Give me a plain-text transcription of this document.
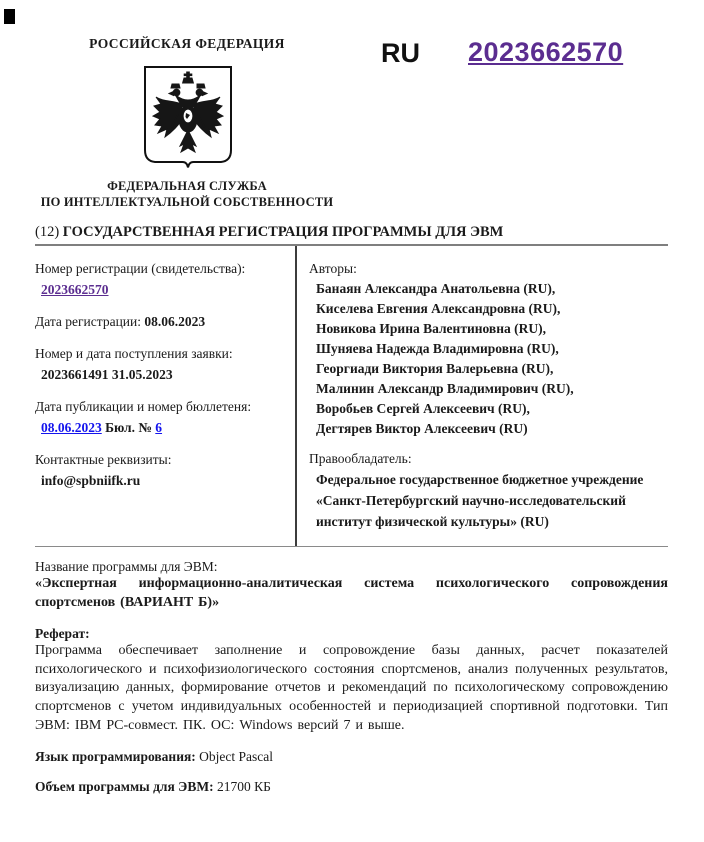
РОССИЙСКАЯ ФЕДЕРАЦИЯ	RU 2023662570
ФЕДЕРАЛЬНАЯ СЛУЖБА
ПО ИНТЕЛЛЕКТУАЛЬНОЙ СОБСТВЕННОСТИ
(12) ГОСУДАРСТВЕННАЯ РЕГИСТРАЦИЯ ПРОГРАММЫ ДЛЯ ЭВМ
Номер регистрации (свидетельства):
2023662570
Дата регистрации: 08.06.2023
Номер и дата поступления заявки:
2023661491 31.05.2023
Дата публикации и номер бюллетеня:
08.06.2023 Бюл. № 6
Контактные реквизиты:
info@spbniifk.ru
Авторы:
Банаян Александра Анатольевна (RU),
Киселева Евгения Александровна (RU),
Новикова Ирина Валентиновна (RU),
Шуняева Надежда Владимировна (RU),
Георгиади Виктория Валерьевна (RU),
Малинин Александр Владимирович (RU),
Воробьев Сергей Алексеевич (RU),
Дегтярев Виктор Алексеевич (RU)
Правообладатель:
Федеральное государственное бюджетное учреждение «Санкт-Петербургский научно-исследовательский институт физической культуры» (RU)
Название программы для ЭВМ:
«Экспертная информационно-аналитическая система психологического сопровождения спортсменов (ВАРИАНТ Б)»
Реферат:
Программа обеспечивает заполнение и сопровождение базы данных, расчет показателей психологического и психофизиологического состояния спортсменов, анализ полученных результатов, визуализацию данных, формирование отчетов и рекомендаций по психологическому сопровождению спортсменов с учетом индивидуальных особенностей и периодизацией спортивной подготовки. Тип ЭВМ: IBM PC-совмест. ПК. ОС: Windows версий 7 и выше.
Язык программирования: Object Pascal
Объем программы для ЭВМ: 21700 КБ
